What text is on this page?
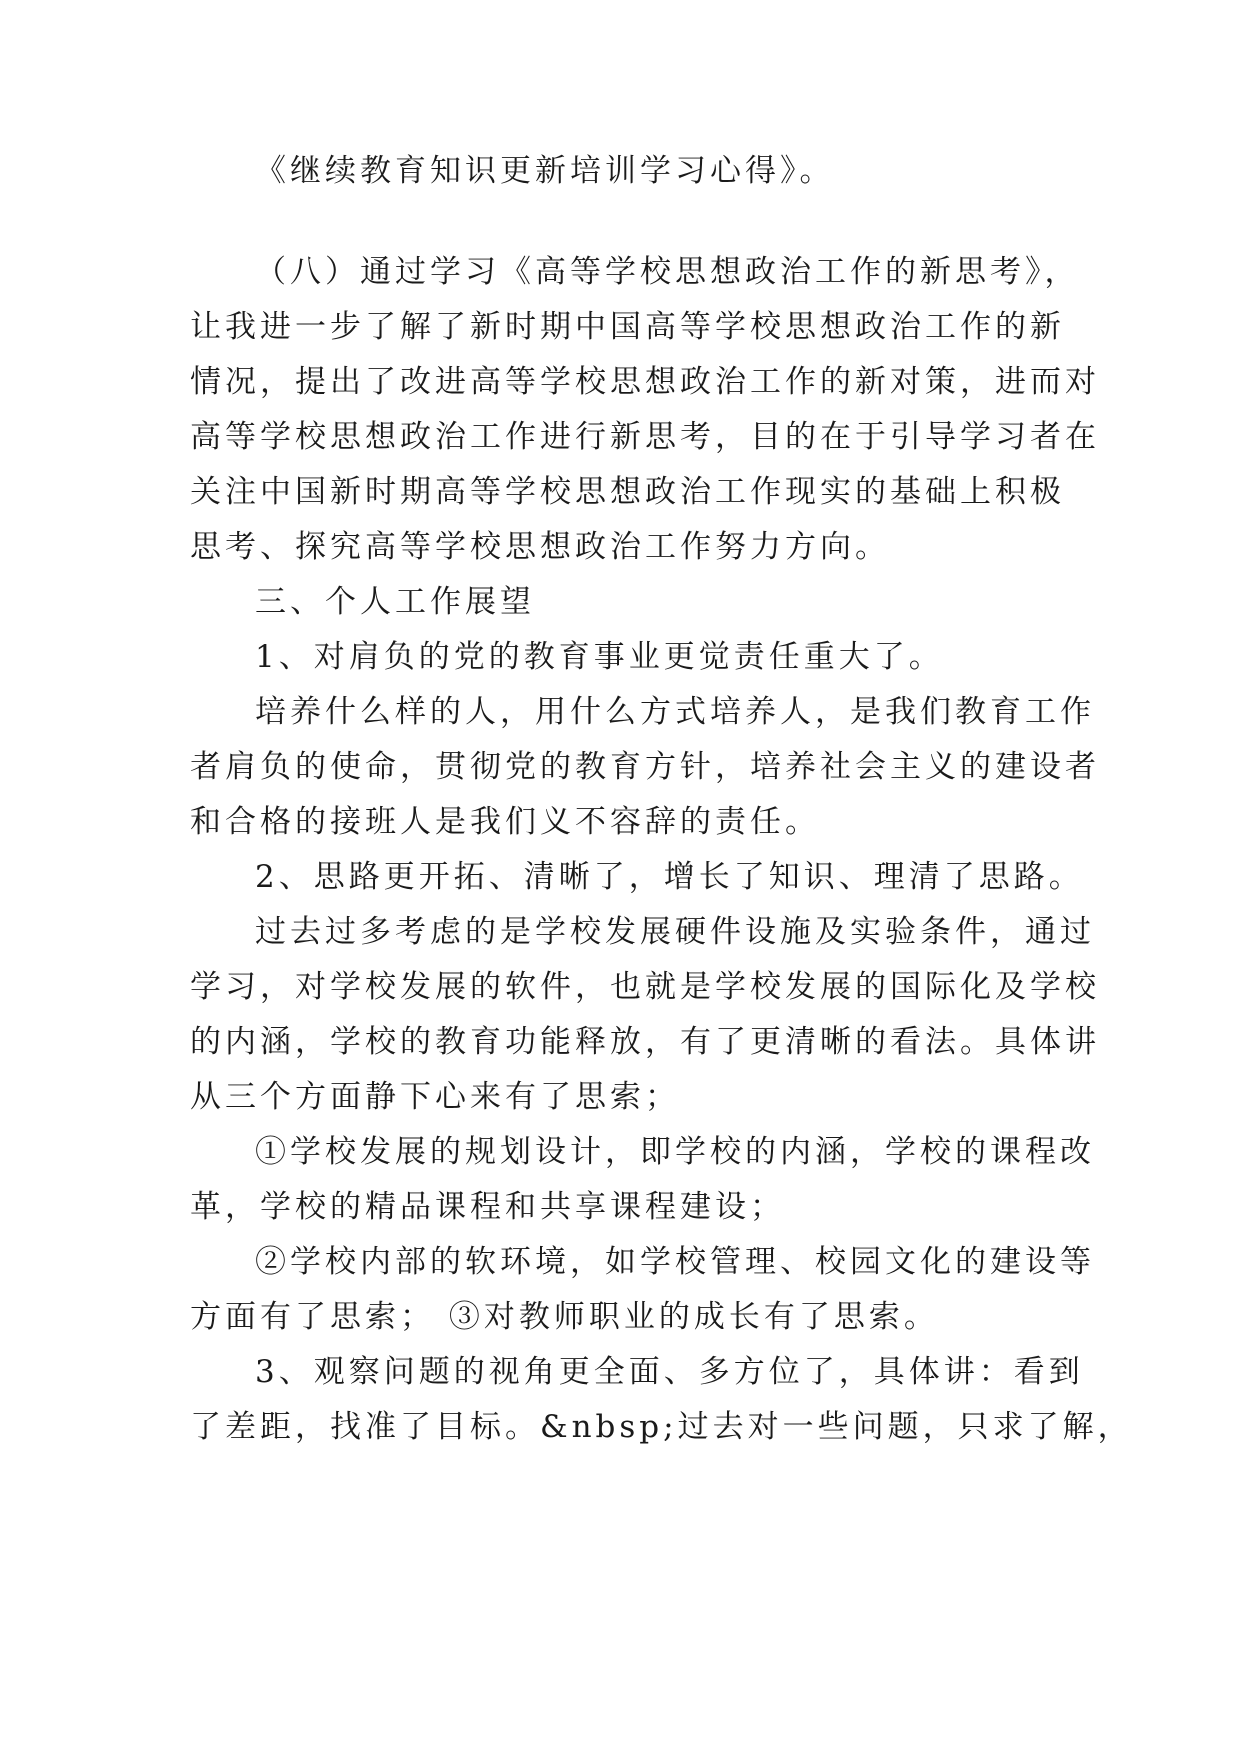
《继续教育知识更新培训学习心得》。

（八）通过学习《高等学校思想政治工作的新思考》，

让我进一步了解了新时期中国高等学校思想政治工作的新

情况，提出了改进高等学校思想政治工作的新对策，进而对

高等学校思想政治工作进行新思考，目的在于引导学习者在

关注中国新时期高等学校思想政治工作现实的基础上积极

思考、探究高等学校思想政治工作努力方向。

三、个人工作展望

1、对肩负的党的教育事业更觉责任重大了。

培养什么样的人，用什么方式培养人，是我们教育工作

者肩负的使命，贯彻党的教育方针，培养社会主义的建设者

和合格的接班人是我们义不容辞的责任。

2、思路更开拓、清晰了，增长了知识、理清了思路。

过去过多考虑的是学校发展硬件设施及实验条件，通过

学习，对学校发展的软件，也就是学校发展的国际化及学校

的内涵，学校的教育功能释放，有了更清晰的看法。具体讲

从三个方面静下心来有了思索；

①学校发展的规划设计，即学校的内涵，学校的课程改

革，学校的精品课程和共享课程建设；

②学校内部的软环境，如学校管理、校园文化的建设等

方面有了思索； ③对教师职业的成长有了思索。

3、观察问题的视角更全面、多方位了，具体讲：看到

了差距，找准了目标。&nbsp;过去对一些问题，只求了解，
